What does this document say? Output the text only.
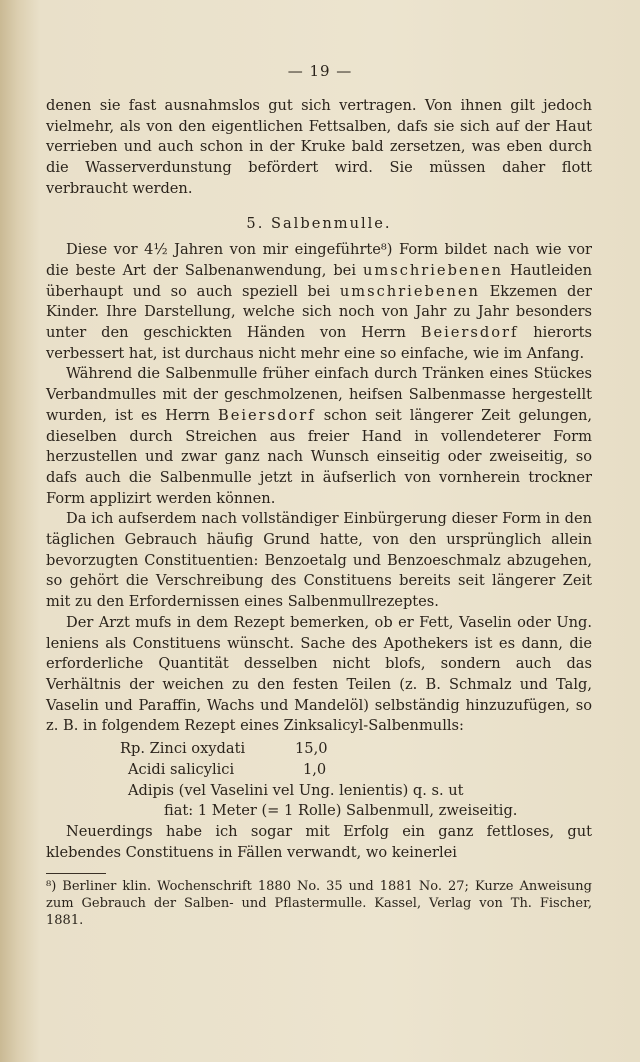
— 19 —

denen sie fast ausnahmslos gut sich vertragen. Von ihnen gilt jedoch vielmehr, als von den eigentlichen Fettsalben, dafs sie sich auf der Haut verrieben und auch schon in der Kruke bald zersetzen, was eben durch die Wasserverdunstung befördert wird. Sie müssen daher flott verbraucht werden.

5. Salbenmulle.

Diese vor 4½ Jahren von mir eingeführte⁸) Form bildet nach wie vor die beste Art der Salbenanwendung, bei umschriebenen Hautleiden überhaupt und so auch speziell bei umschriebenen Ekzemen der Kinder. Ihre Darstellung, welche sich noch von Jahr zu Jahr besonders unter den geschickten Händen von Herrn Beiersdorf hierorts verbessert hat, ist durchaus nicht mehr eine so einfache, wie im Anfang.

Während die Salbenmulle früher einfach durch Tränken eines Stückes Verbandmulles mit der geschmolzenen, heifsen Salbenmasse hergestellt wurden, ist es Herrn Beiersdorf schon seit längerer Zeit gelungen, dieselben durch Streichen aus freier Hand in vollendeterer Form herzustellen und zwar ganz nach Wunsch einseitig oder zweiseitig, so dafs auch die Salbenmulle jetzt in äufserlich von vornherein trockner Form applizirt werden können.

Da ich aufserdem nach vollständiger Einbürgerung dieser Form in den täglichen Gebrauch häufig Grund hatte, von den ursprünglich allein bevorzugten Constituentien: Benzoetalg und Benzoeschmalz abzugehen, so gehört die Verschreibung des Constituens bereits seit längerer Zeit mit zu den Erfordernissen eines Salbenmullrezeptes.

Der Arzt mufs in dem Rezept bemerken, ob er Fett, Vaselin oder Ung. leniens als Constituens wünscht. Sache des Apothekers ist es dann, die erforderliche Quantität desselben nicht blofs, sondern auch das Verhältnis der weichen zu den festen Teilen (z. B. Schmalz und Talg, Vaselin und Paraffin, Wachs und Mandelöl) selbständig hinzuzufügen, so z. B. in folgendem Rezept eines Zinksalicyl-Salbenmulls:

Rp. Zinci oxydati	15,0
Acidi salicylici	1,0
Adipis (vel Vaselini vel Ung. lenientis) q. s. ut
fiat: 1 Meter (= 1 Rolle) Salbenmull, zweiseitig.

Neuerdings habe ich sogar mit Erfolg ein ganz fettloses, gut klebendes Constituens in Fällen verwandt, wo keinerlei

⁸) Berliner klin. Wochenschrift 1880 No. 35 und 1881 No. 27; Kurze Anweisung zum Gebrauch der Salben- und Pflastermulle. Kassel, Verlag von Th. Fischer, 1881.
